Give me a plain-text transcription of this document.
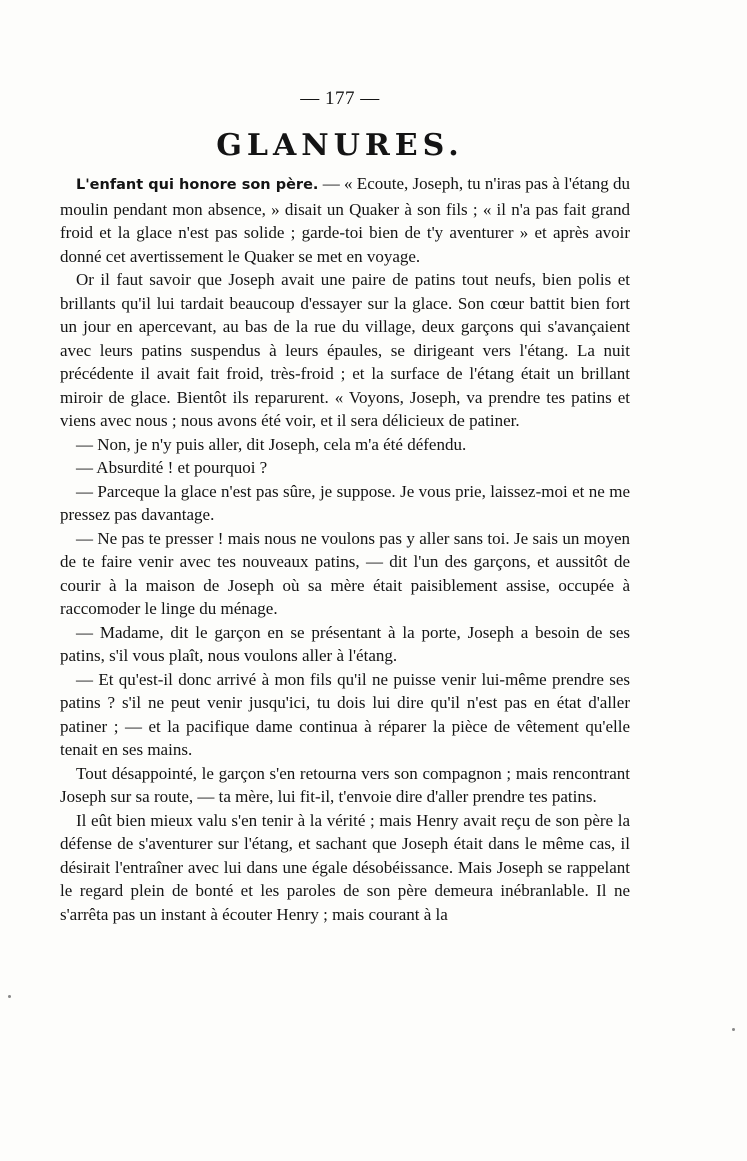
— 177 —
GLANURES.

L'enfant qui honore son père. — « Ecoute, Joseph, tu n'iras pas à l'étang du moulin pendant mon absence, » disait un Quaker à son fils ; « il n'a pas fait grand froid et la glace n'est pas solide ; garde-toi bien de t'y aventurer » et après avoir donné cet avertissement le Quaker se met en voyage.

Or il faut savoir que Joseph avait une paire de patins tout neufs, bien polis et brillants qu'il lui tardait beaucoup d'essayer sur la glace. Son cœur battit bien fort un jour en apercevant, au bas de la rue du village, deux garçons qui s'avançaient avec leurs patins suspendus à leurs épaules, se dirigeant vers l'étang. La nuit précédente il avait fait froid, très-froid ; et la surface de l'étang était un brillant miroir de glace. Bientôt ils reparurent. « Voyons, Joseph, va prendre tes patins et viens avec nous ; nous avons été voir, et il sera délicieux de patiner.

— Non, je n'y puis aller, dit Joseph, cela m'a été défendu.

— Absurdité ! et pourquoi ?

— Parceque la glace n'est pas sûre, je suppose. Je vous prie, laissez-moi et ne me pressez pas davantage.

— Ne pas te presser ! mais nous ne voulons pas y aller sans toi. Je sais un moyen de te faire venir avec tes nouveaux patins, — dit l'un des garçons, et aussitôt de courir à la maison de Joseph où sa mère était paisiblement assise, occupée à raccomoder le linge du ménage.

— Madame, dit le garçon en se présentant à la porte, Joseph a besoin de ses patins, s'il vous plaît, nous voulons aller à l'étang.

— Et qu'est-il donc arrivé à mon fils qu'il ne puisse venir lui-même prendre ses patins ? s'il ne peut venir jusqu'ici, tu dois lui dire qu'il n'est pas en état d'aller patiner ; — et la pacifique dame continua à réparer la pièce de vêtement qu'elle tenait en ses mains.

Tout désappointé, le garçon s'en retourna vers son compagnon ; mais rencontrant Joseph sur sa route, — ta mère, lui fit-il, t'envoie dire d'aller prendre tes patins.

Il eût bien mieux valu s'en tenir à la vérité ; mais Henry avait reçu de son père la défense de s'aventurer sur l'étang, et sachant que Joseph était dans le même cas, il désirait l'entraîner avec lui dans une égale désobéissance. Mais Joseph se rappelant le regard plein de bonté et les paroles de son père demeura inébranlable. Il ne s'arrêta pas un instant à écouter Henry ; mais courant à la
